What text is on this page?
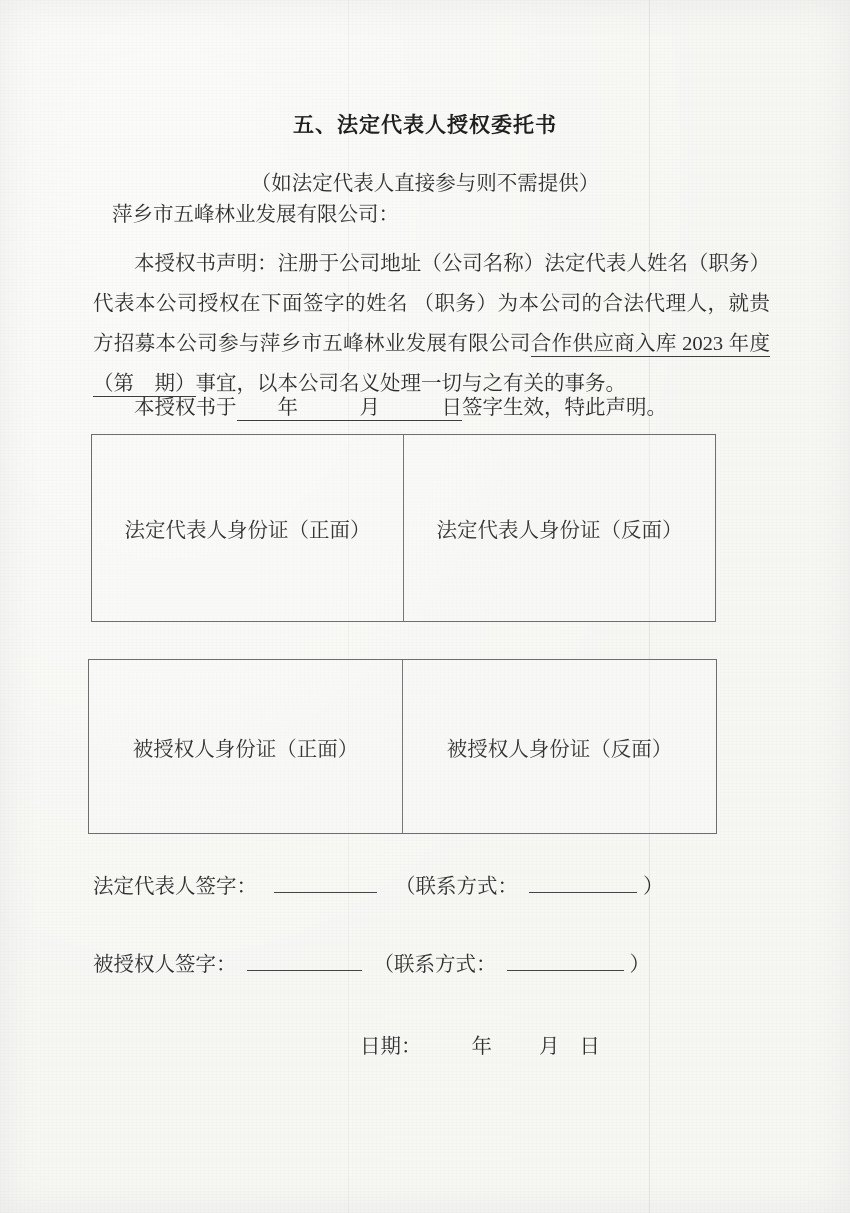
五、法定代表人授权委托书
（如法定代表人直接参与则不需提供）
萍乡市五峰林业发展有限公司：
本授权书声明：注册于公司地址（公司名称）法定代表人姓名（职务）代表本公司授权在下面签字的姓名 （职务）为本公司的合法代理人，就贵方招募本公司参与萍乡市五峰林业发展有限公司合作供应商入库 2023 年度（第　期）事宜，以本公司名义处理一切与之有关的事务。
本授权书于　　年　　　月　　　日签字生效，特此声明。
法定代表人身份证（正面）	法定代表人身份证（反面）
被授权人身份证（正面）	被授权人身份证（反面）
法定代表人签字：	（联系方式：	）
被授权人签字：	（联系方式：	）
日期： 年 月 日
